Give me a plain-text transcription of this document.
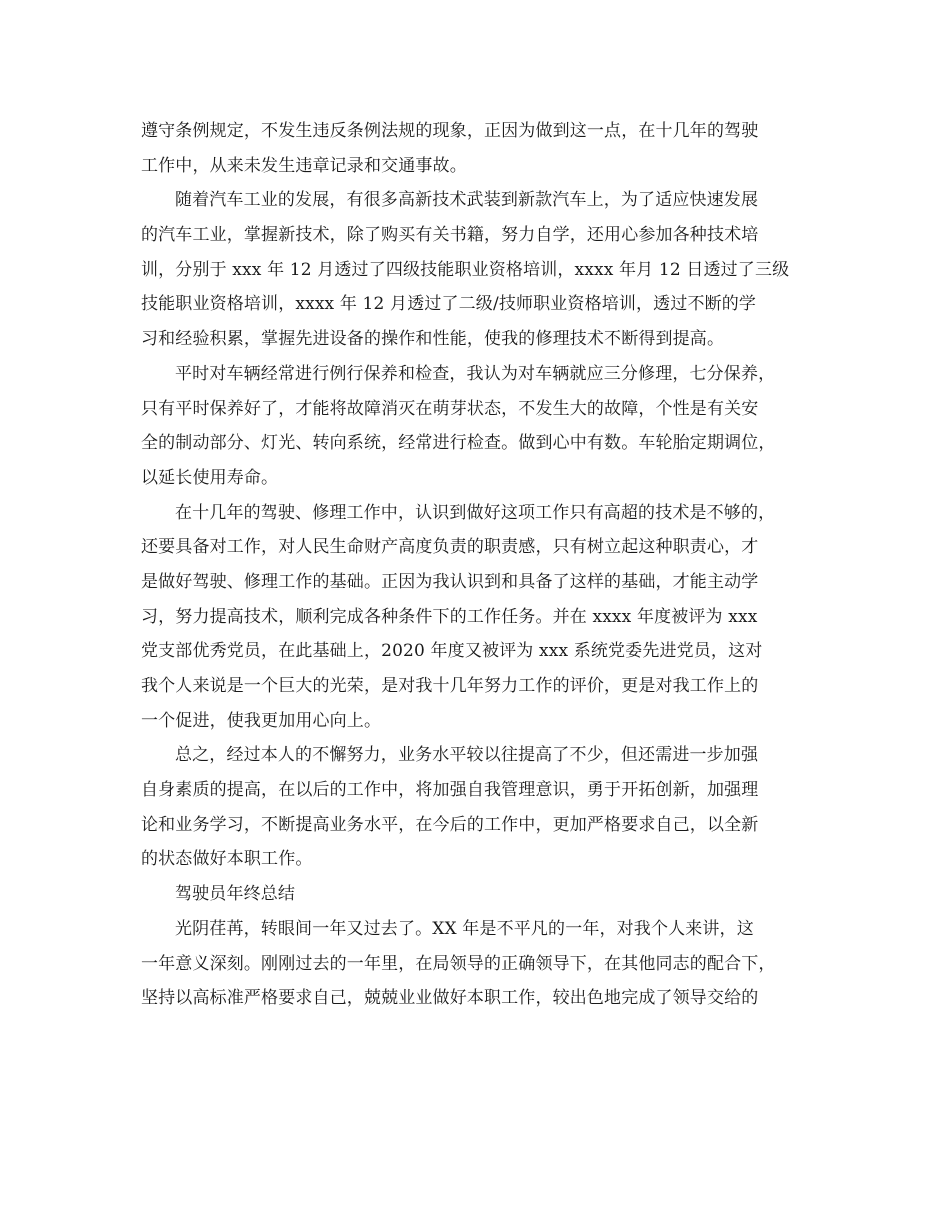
遵守条例规定，不发生违反条例法规的现象，正因为做到这一点，在十几年的驾驶
工作中，从来未发生违章记录和交通事故。
随着汽车工业的发展，有很多高新技术武装到新款汽车上，为了适应快速发展
的汽车工业，掌握新技术，除了购买有关书籍，努力自学，还用心参加各种技术培
训，分别于 xxx 年 12 月透过了四级技能职业资格培训，xxxx 年月 12 日透过了三级
技能职业资格培训，xxxx 年 12 月透过了二级/技师职业资格培训，透过不断的学
习和经验积累，掌握先进设备的操作和性能，使我的修理技术不断得到提高。
平时对车辆经常进行例行保养和检查，我认为对车辆就应三分修理，七分保养，
只有平时保养好了，才能将故障消灭在萌芽状态，不发生大的故障，个性是有关安
全的制动部分、灯光、转向系统，经常进行检查。做到心中有数。车轮胎定期调位，
以延长使用寿命。
在十几年的驾驶、修理工作中，认识到做好这项工作只有高超的技术是不够的，
还要具备对工作，对人民生命财产高度负责的职责感，只有树立起这种职责心，才
是做好驾驶、修理工作的基础。正因为我认识到和具备了这样的基础，才能主动学
习，努力提高技术，顺利完成各种条件下的工作任务。并在 xxxx 年度被评为 xxx
党支部优秀党员，在此基础上，2020 年度又被评为 xxx 系统党委先进党员，这对
我个人来说是一个巨大的光荣，是对我十几年努力工作的评价，更是对我工作上的
一个促进，使我更加用心向上。
总之，经过本人的不懈努力，业务水平较以往提高了不少，但还需进一步加强
自身素质的提高，在以后的工作中，将加强自我管理意识，勇于开拓创新，加强理
论和业务学习，不断提高业务水平，在今后的工作中，更加严格要求自己，以全新
的状态做好本职工作。
驾驶员年终总结
光阴荏苒，转眼间一年又过去了。XX 年是不平凡的一年，对我个人来讲，这
一年意义深刻。刚刚过去的一年里，在局领导的正确领导下，在其他同志的配合下，
坚持以高标准严格要求自己，兢兢业业做好本职工作，较出色地完成了领导交给的
